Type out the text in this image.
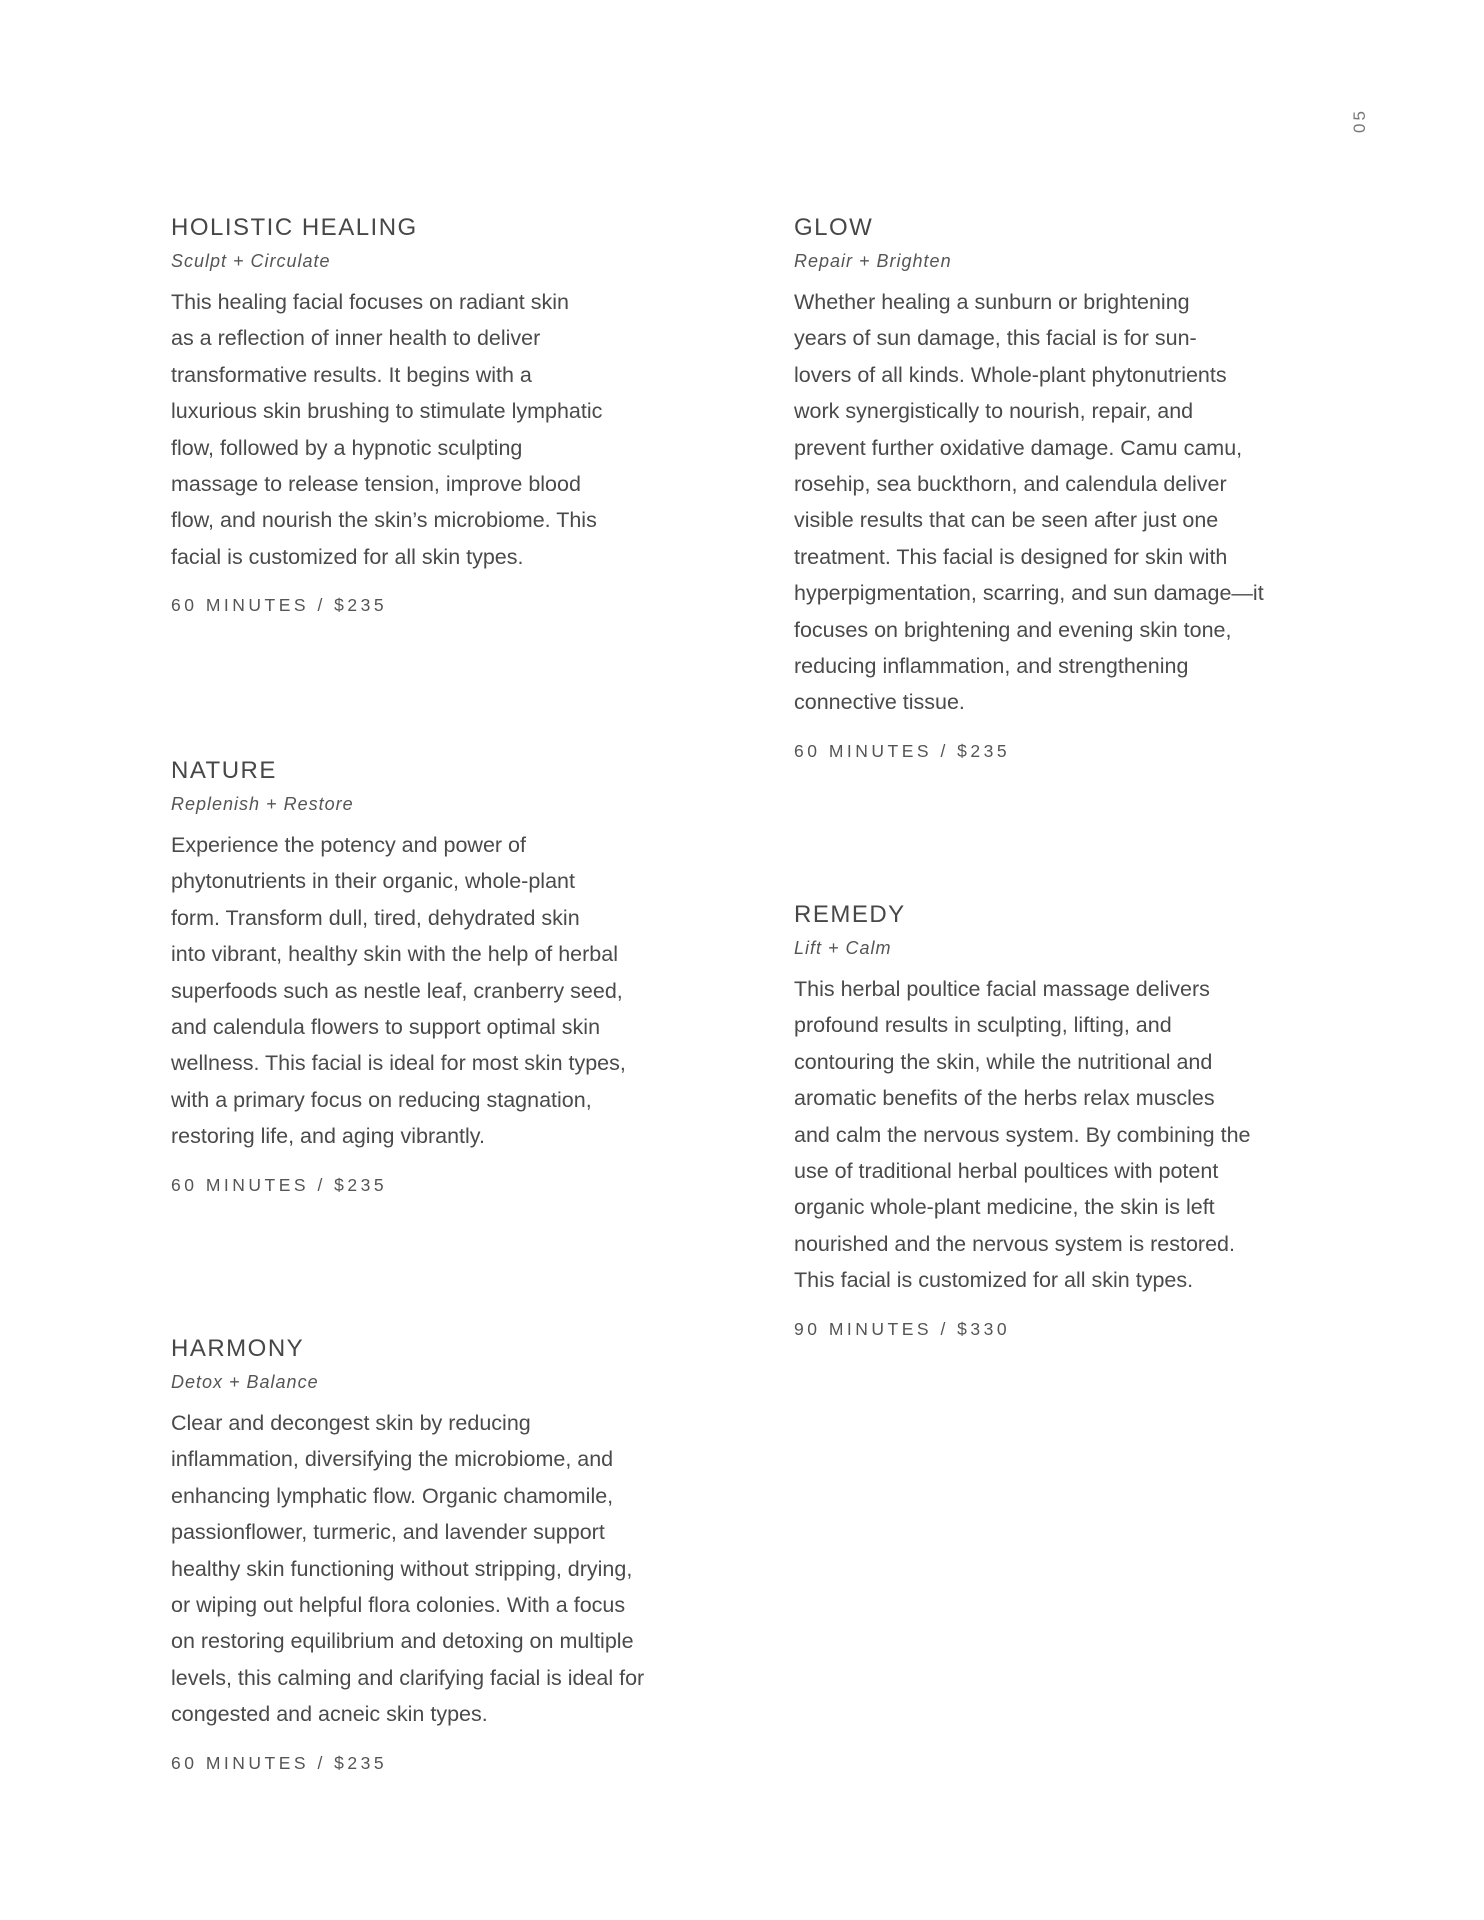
05
HOLISTIC HEALING
Sculpt + Circulate
This healing facial focuses on radiant skin
as a reflection of inner health to deliver
transformative results. It begins with a
luxurious skin brushing to stimulate lymphatic
flow, followed by a hypnotic sculpting
massage to release tension, improve blood
flow, and nourish the skin’s microbiome. This
facial is customized for all skin types.
60 MINUTES / $235
NATURE
Replenish + Restore
Experience the potency and power of
phytonutrients in their organic, whole-plant
form. Transform dull, tired, dehydrated skin
into vibrant, healthy skin with the help of herbal
superfoods such as nestle leaf, cranberry seed,
and calendula flowers to support optimal skin
wellness. This facial is ideal for most skin types,
with a primary focus on reducing stagnation,
restoring life, and aging vibrantly.
60 MINUTES / $235
HARMONY
Detox + Balance
Clear and decongest skin by reducing
inflammation, diversifying the microbiome, and
enhancing lymphatic flow. Organic chamomile,
passionflower, turmeric, and lavender support
healthy skin functioning without stripping, drying,
or wiping out helpful flora colonies. With a focus
on restoring equilibrium and detoxing on multiple
levels, this calming and clarifying facial is ideal for
congested and acneic skin types.
60 MINUTES / $235
GLOW
Repair + Brighten
Whether healing a sunburn or brightening
years of sun damage, this facial is for sun-
lovers of all kinds. Whole-plant phytonutrients
work synergistically to nourish, repair, and
prevent further oxidative damage. Camu camu,
rosehip, sea buckthorn, and calendula deliver
visible results that can be seen after just one
treatment. This facial is designed for skin with
hyperpigmentation, scarring, and sun damage—it
focuses on brightening and evening skin tone,
reducing inflammation, and strengthening
connective tissue.
60 MINUTES / $235
REMEDY
Lift + Calm
This herbal poultice facial massage delivers
profound results in sculpting, lifting, and
contouring the skin, while the nutritional and
aromatic benefits of the herbs relax muscles
and calm the nervous system. By combining the
use of traditional herbal poultices with potent
organic whole-plant medicine, the skin is left
nourished and the nervous system is restored.
This facial is customized for all skin types.
90 MINUTES / $330
